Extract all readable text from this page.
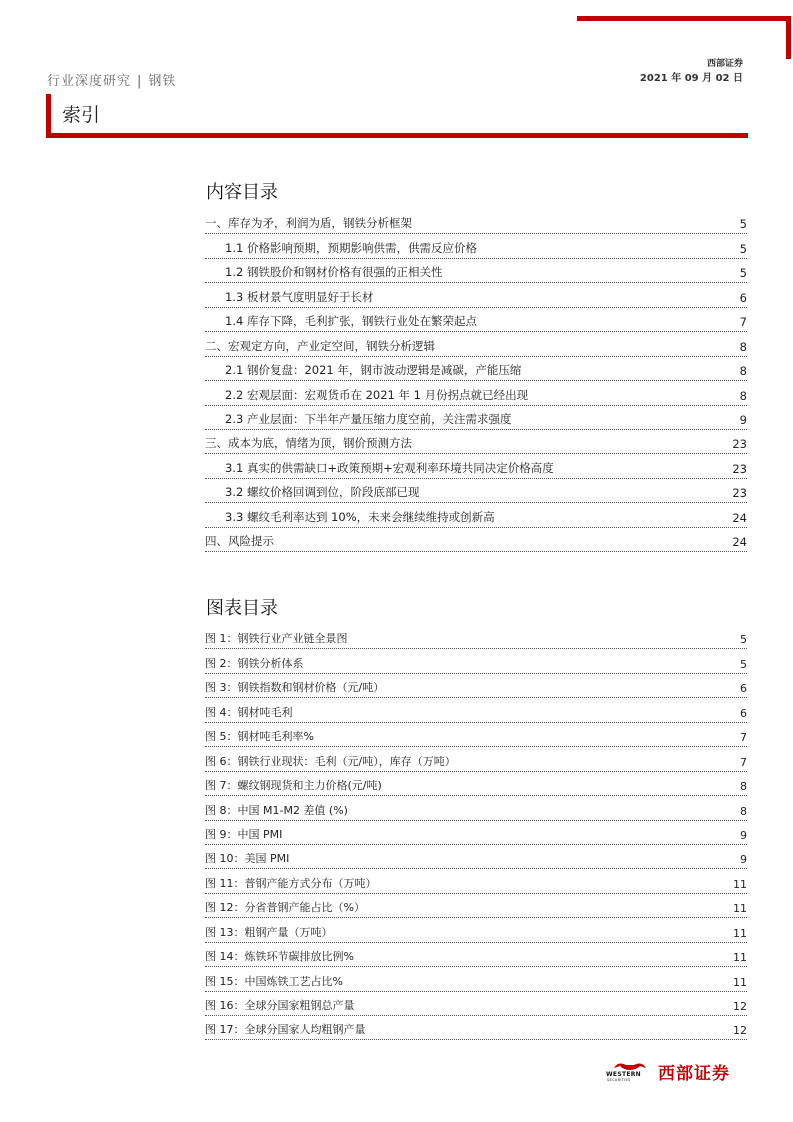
行业深度研究 | 钢铁
西部证券
2021 年 09 月 02 日
索引
内容目录
一、库存为矛，利润为盾，钢铁分析框架	5
1.1 价格影响预期，预期影响供需，供需反应价格	5
1.2 钢铁股价和钢材价格有很强的正相关性	5
1.3 板材景气度明显好于长材	6
1.4 库存下降，毛利扩张，钢铁行业处在繁荣起点	7
二、宏观定方向，产业定空间，钢铁分析逻辑	8
2.1 钢价复盘：2021 年，钢市波动逻辑是减碳，产能压缩	8
2.2 宏观层面：宏观货币在 2021 年 1 月份拐点就已经出现	8
2.3 产业层面：下半年产量压缩力度空前，关注需求强度	9
三、成本为底，情绪为顶，钢价预测方法	23
3.1 真实的供需缺口+政策预期+宏观利率环境共同决定价格高度	23
3.2 螺纹价格回调到位，阶段底部已现	23
3.3 螺纹毛利率达到 10%，未来会继续维持或创新高	24
四、风险提示	24
图表目录
图 1：钢铁行业产业链全景图	5
图 2：钢铁分析体系	5
图 3：钢铁指数和钢材价格（元/吨）	6
图 4：钢材吨毛利	6
图 5：钢材吨毛利率%	7
图 6：钢铁行业现状：毛利（元/吨），库存（万吨）	7
图 7：螺纹钢现货和主力价格(元/吨)	8
图 8：中国 M1-M2 差值 (%)	8
图 9：中国 PMI	9
图 10：美国 PMI	9
图 11：普钢产能方式分布（万吨）	11
图 12：分省普钢产能占比（%）	11
图 13：粗钢产量（万吨）	11
图 14：炼铁环节碳排放比例%	11
图 15：中国炼铁工艺占比%	11
图 16：全球分国家粗钢总产量	12
图 17：全球分国家人均粗钢产量	12
WESTERN
SECURITIES 西部证券
